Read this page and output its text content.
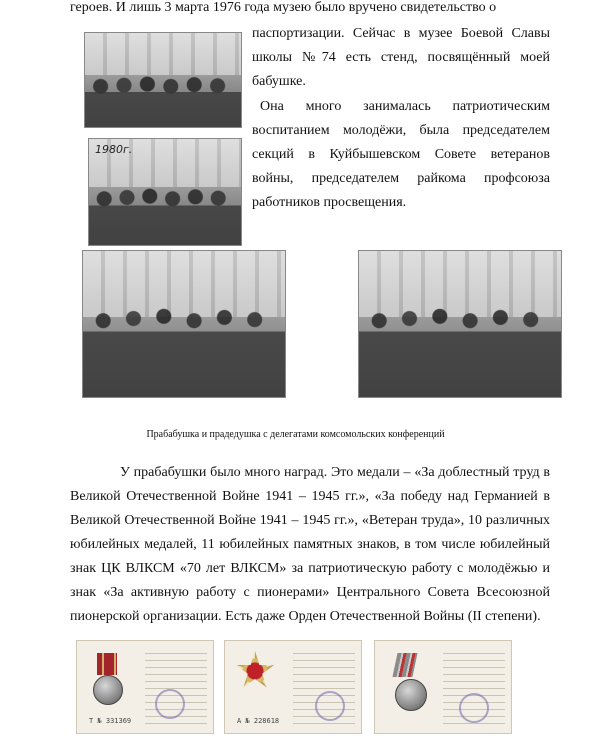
героев. И лишь 3 марта 1976 года музею было вручено свидетельство о

паспортизации. Сейчас в музее Боевой Славы школы №74 есть стенд, посвящённый моей бабушке.

1980г.

Она много занималась патриотическим воспитанием молодёжи, была председателем секций в Куйбышевском Совете ветеранов войны, председателем райкома профсоюза работников просвещения.

Прабабушка и прадедушка с делегатами комсомольских конференций

У прабабушки было много наград. Это медали – «За доблестный труд в Великой Отечественной Войне 1941 – 1945 гг.», «За победу над Германией в Великой Отечественной Войне 1941 – 1945 гг.», «Ветеран труда», 10 различных юбилейных медалей, 11 юбилейных памятных знаков, в том числе юбилейный знак ЦК ВЛКСМ «70 лет ВЛКСМ» за патриотическую работу с молодёжью и знак «За активную работу с пионерами» Центрального Совета Всесоюзной пионерской организации. Есть даже Орден Отечественной Войны (II степени).

Т № 331369	А № 228618
